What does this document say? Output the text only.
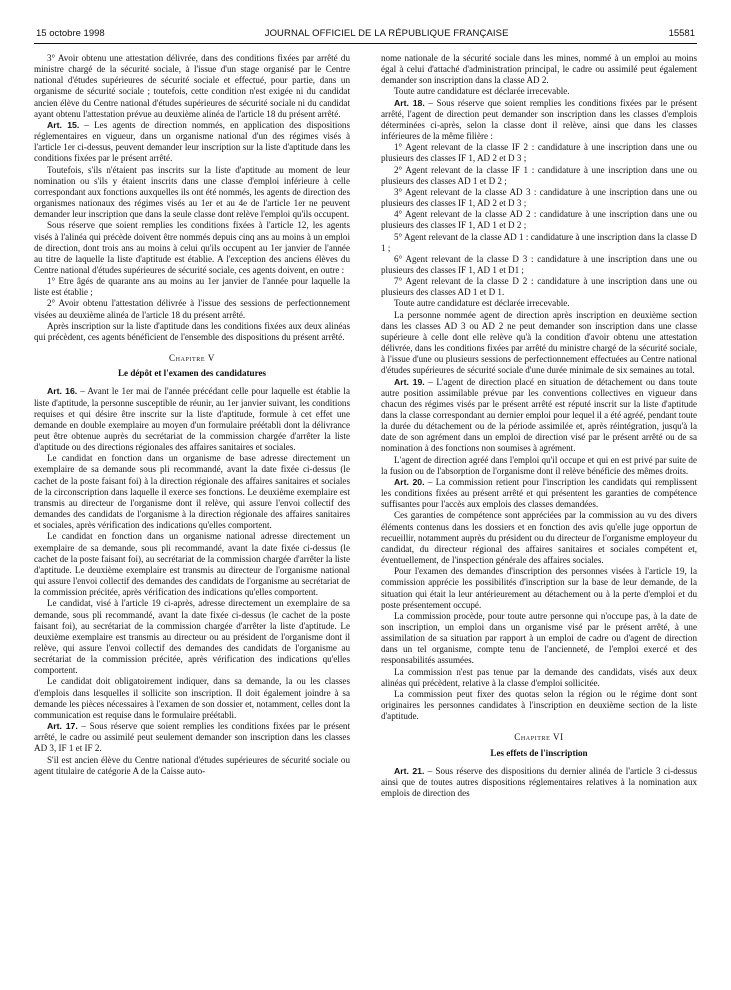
15 octobre 1998	JOURNAL OFFICIEL DE LA RÉPUBLIQUE FRANÇAISE	15581

3° Avoir obtenu une attestation délivrée, dans des conditions fixées par arrêté du ministre chargé de la sécurité sociale, à l'issue d'un stage organisé par le Centre national d'études supérieures de sécurité sociale et effectué, pour partie, dans un organisme de sécurité sociale ; toutefois, cette condition n'est exigée ni du candidat ancien élève du Centre national d'études supérieures de sécurité sociale ni du candidat ayant obtenu l'attestation prévue au deuxième alinéa de l'article 18 du présent arrêté.

Art. 15. – Les agents de direction nommés, en application des dispositions réglementaires en vigueur, dans un organisme national d'un des régimes visés à l'article 1er ci-dessus, peuvent demander leur inscription sur la liste d'aptitude dans les conditions fixées par le présent arrêté.

Toutefois, s'ils n'étaient pas inscrits sur la liste d'aptitude au moment de leur nomination ou s'ils y étaient inscrits dans une classe d'emploi inférieure à celle correspondant aux fonctions auxquelles ils ont été nommés, les agents de direction des organismes nationaux des régimes visés au 1er et au 4e de l'article 1er ne peuvent demander leur inscription que dans la seule classe dont relève l'emploi qu'ils occupent.

Sous réserve que soient remplies les conditions fixées à l'article 12, les agents visés à l'alinéa qui précède doivent être nommés depuis cinq ans au moins à un emploi de direction, dont trois ans au moins à celui qu'ils occupent au 1er janvier de l'année au titre de laquelle la liste d'aptitude est établie. A l'exception des anciens élèves du Centre national d'études supérieures de sécurité sociale, ces agents doivent, en outre :

1° Etre âgés de quarante ans au moins au 1er janvier de l'année pour laquelle la liste est établie ;

2° Avoir obtenu l'attestation délivrée à l'issue des sessions de perfectionnement visées au deuxième alinéa de l'article 18 du présent arrêté.

Après inscription sur la liste d'aptitude dans les conditions fixées aux deux alinéas qui précèdent, ces agents bénéficient de l'ensemble des dispositions du présent arrêté.

Chapitre V

Le dépôt et l'examen des candidatures

Art. 16. – Avant le 1er mai de l'année précédant celle pour laquelle est établie la liste d'aptitude, la personne susceptible de réunir, au 1er janvier suivant, les conditions requises et qui désire être inscrite sur la liste d'aptitude, formule à cet effet une demande en double exemplaire au moyen d'un formulaire préétabli dont la délivrance peut être obtenue auprès du secrétariat de la commission chargée d'arrêter la liste d'aptitude ou des directions régionales des affaires sanitaires et sociales.

Le candidat en fonction dans un organisme de base adresse directement un exemplaire de sa demande sous pli recommandé, avant la date fixée ci-dessus (le cachet de la poste faisant foi) à la direction régionale des affaires sanitaires et sociales de la circonscription dans laquelle il exerce ses fonctions. Le deuxième exemplaire est transmis au directeur de l'organisme dont il relève, qui assure l'envoi collectif des demandes des candidats de l'organisme à la direction régionale des affaires sanitaires et sociales, après vérification des indications qu'elles comportent.

Le candidat en fonction dans un organisme national adresse directement un exemplaire de sa demande, sous pli recommandé, avant la date fixée ci-dessus (le cachet de la poste faisant foi), au secrétariat de la commission chargée d'arrêter la liste d'aptitude. Le deuxième exemplaire est transmis au directeur de l'organisme national qui assure l'envoi collectif des demandes des candidats de l'organisme au secrétariat de la commission précitée, après vérification des indications qu'elles comportent.

Le candidat, visé à l'article 19 ci-après, adresse directement un exemplaire de sa demande, sous pli recommandé, avant la date fixée ci-dessus (le cachet de la poste faisant foi), au secrétariat de la commission chargée d'arrêter la liste d'aptitude. Le deuxième exemplaire est transmis au directeur ou au président de l'organisme dont il relève, qui assure l'envoi collectif des demandes des candidats de l'organisme au secrétariat de la commission précitée, après vérification des indications qu'elles comportent.

Le candidat doit obligatoirement indiquer, dans sa demande, la ou les classes d'emplois dans lesquelles il sollicite son inscription. Il doit également joindre à sa demande les pièces nécessaires à l'examen de son dossier et, notamment, celles dont la communication est requise dans le formulaire préétabli.

Art. 17. – Sous réserve que soient remplies les conditions fixées par le présent arrêté, le cadre ou assimilé peut seulement demander son inscription dans les classes AD 3, IF 1 et IF 2.

S'il est ancien élève du Centre national d'études supérieures de sécurité sociale ou agent titulaire de catégorie A de la Caisse auto-

nome nationale de la sécurité sociale dans les mines, nommé à un emploi au moins égal à celui d'attaché d'administration principal, le cadre ou assimilé peut également demander son inscription dans la classe AD 2.

Toute autre candidature est déclarée irrecevable.

Art. 18. – Sous réserve que soient remplies les conditions fixées par le présent arrêté, l'agent de direction peut demander son inscription dans les classes d'emplois déterminées ci-après, selon la classe dont il relève, ainsi que dans les classes inférieures de la même filière :

1° Agent relevant de la classe IF 2 : candidature à une inscription dans une ou plusieurs des classes IF 1, AD 2 et D 3 ;

2° Agent relevant de la classe IF 1 : candidature à une inscription dans une ou plusieurs des classes AD 1 et D 2 ;

3° Agent relevant de la classe AD 3 : candidature à une inscription dans une ou plusieurs des classes IF 1, AD 2 et D 3 ;

4° Agent relevant de la classe AD 2 : candidature à une inscription dans une ou plusieurs des classes IF 1, AD 1 et D 2 ;

5° Agent relevant de la classe AD 1 : candidature à une inscription dans la classe D 1 ;

6° Agent relevant de la classe D 3 : candidature à une inscription dans une ou plusieurs des classes IF 1, AD 1 et D1 ;

7° Agent relevant de la classe D 2 : candidature à une inscription dans une ou plusieurs des classes AD 1 et D 1.

Toute autre candidature est déclarée irrecevable.

La personne nommée agent de direction après inscription en deuxième section dans les classes AD 3 ou AD 2 ne peut demander son inscription dans une classe supérieure à celle dont elle relève qu'à la condition d'avoir obtenu une attestation délivrée, dans les conditions fixées par arrêté du ministre chargé de la sécurité sociale, à l'issue d'une ou plusieurs sessions de perfectionnement effectuées au Centre national d'études supérieures de sécurité sociale d'une durée minimale de six semaines au total.

Art. 19. – L'agent de direction placé en situation de détachement ou dans toute autre position assimilable prévue par les conventions collectives en vigueur dans chacun des régimes visés par le présent arrêté est réputé inscrit sur la liste d'aptitude dans la classe correspondant au dernier emploi pour lequel il a été agréé, pendant toute la durée du détachement ou de la période assimilée et, après réintégration, jusqu'à la date de son agrément dans un emploi de direction visé par le présent arrêté ou de sa nomination à des fonctions non soumises à agrément.

L'agent de direction agréé dans l'emploi qu'il occupe et qui en est privé par suite de la fusion ou de l'absorption de l'organisme dont il relève bénéficie des mêmes droits.

Art. 20. – La commission retient pour l'inscription les candidats qui remplissent les conditions fixées au présent arrêté et qui présentent les garanties de compétence suffisantes pour l'accès aux emplois des classes demandées.

Ces garanties de compétence sont appréciées par la commission au vu des divers éléments contenus dans les dossiers et en fonction des avis qu'elle juge opportun de recueillir, notamment auprès du président ou du directeur de l'organisme employeur du candidat, du directeur régional des affaires sanitaires et sociales compétent et, éventuellement, de l'inspection générale des affaires sociales.

Pour l'examen des demandes d'inscription des personnes visées à l'article 19, la commission apprécie les possibilités d'inscription sur la base de leur demande, de la situation qui était la leur antérieurement au détachement ou à la perte d'emploi et du poste présentement occupé.

La commission procède, pour toute autre personne qui n'occupe pas, à la date de son inscription, un emploi dans un organisme visé par le présent arrêté, à une assimilation de sa situation par rapport à un emploi de cadre ou d'agent de direction dans un tel organisme, compte tenu de l'ancienneté, de l'emploi exercé et des responsabilités assumées.

La commission n'est pas tenue par la demande des candidats, visés aux deux alinéas qui précèdent, relative à la classe d'emploi sollicitée.

La commission peut fixer des quotas selon la région ou le régime dont sont originaires les personnes candidates à l'inscription en deuxième section de la liste d'aptitude.

Chapitre VI

Les effets de l'inscription

Art. 21. – Sous réserve des dispositions du dernier alinéa de l'article 3 ci-dessus ainsi que de toutes autres dispositions réglementaires relatives à la nomination aux emplois de direction des
